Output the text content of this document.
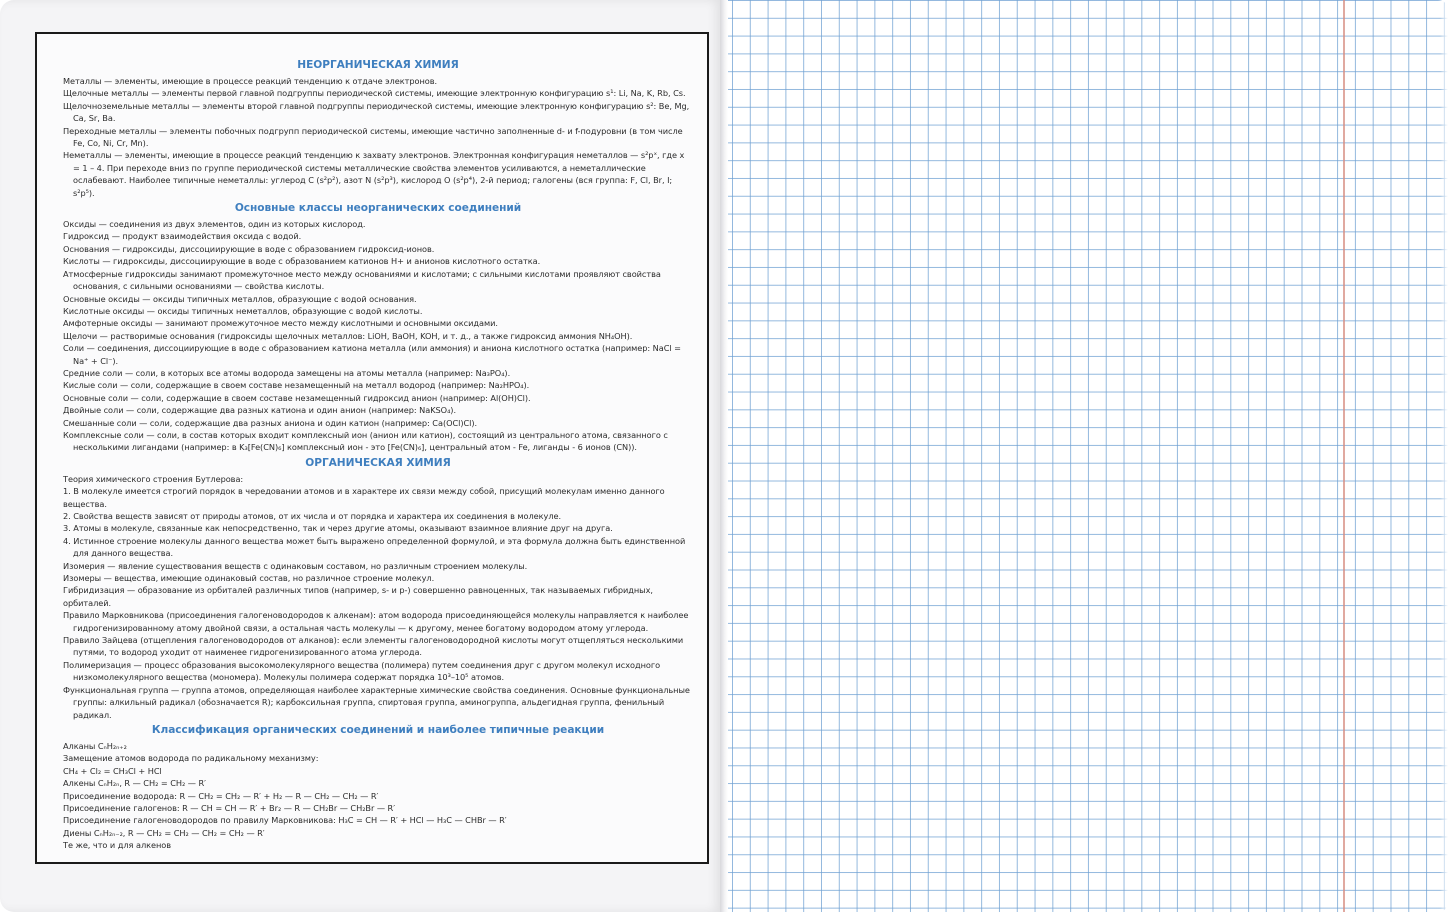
НЕОРГАНИЧЕСКАЯ ХИМИЯ

Металлы — элементы, имеющие в процессе реакций тенденцию к отдаче электронов.

Щелочные металлы — элементы первой главной подгруппы периодической системы, имеющие электронную конфигурацию s¹: Li, Na, K, Rb, Cs.

Щелочноземельные металлы — элементы второй главной подгруппы периодической системы, имеющие электронную конфигурацию s²: Be, Mg, Ca, Sr, Ba.

Переходные металлы — элементы побочных подгрупп периодической системы, имеющие частично заполненные d- и f-подуровни (в том числе Fe, Co, Ni, Cr, Mn).

Неметаллы — элементы, имеющие в процессе реакций тенденцию к захвату электронов. Электронная конфигурация неметаллов — s²pˣ, где x = 1 – 4. При переходе вниз по группе периодической системы металлические свойства элементов усиливаются, а неметаллические ослабевают. Наиболее типичные неметаллы: углерод C (s²p²), азот N (s²p³), кислород O (s²p⁴), 2-й период; галогены (вся группа: F, Cl, Br, I; s²p⁵).

Основные классы неорганических соединений

Оксиды — соединения из двух элементов, один из которых кислород.

Гидроксид — продукт взаимодействия оксида с водой.

Основания — гидроксиды, диссоциирующие в воде с образованием гидроксид-ионов.

Кислоты — гидроксиды, диссоциирующие в воде с образованием катионов H+ и анионов кислотного остатка.

Атмосферные гидроксиды занимают промежуточное место между основаниями и кислотами; с сильными кислотами проявляют свойства основания, с сильными основаниями — свойства кислоты.

Основные оксиды — оксиды типичных металлов, образующие с водой основания.

Кислотные оксиды — оксиды типичных неметаллов, образующие с водой кислоты.

Амфотерные оксиды — занимают промежуточное место между кислотными и основными оксидами.

Щелочи — растворимые основания (гидроксиды щелочных металлов: LiOH, BaOH, KOH, и т. д., а также гидроксид аммония NH₄OH).

Соли — соединения, диссоциирующие в воде с образованием катиона металла (или аммония) и аниона кислотного остатка (например: NaCl = Na⁺ + Cl⁻).

Средние соли — соли, в которых все атомы водорода замещены на атомы металла (например: Na₃PO₄).

Кислые соли — соли, содержащие в своем составе незамещенный на металл водород (например: Na₂HPO₄).

Основные соли — соли, содержащие в своем составе незамещенный гидроксид анион (например: Al(OH)Cl).

Двойные соли — соли, содержащие два разных катиона и один анион (например: NaKSO₄).

Смешанные соли — соли, содержащие два разных аниона и один катион (например: Ca(OCl)Cl).

Комплексные соли — соли, в состав которых входит комплексный ион (анион или катион), состоящий из центрального атома, связанного с несколькими лигандами (например: в K₃[Fe(CN)₆] комплексный ион - это [Fe(CN)₆], центральный атом - Fe, лиганды - 6 ионов (CN)).

ОРГАНИЧЕСКАЯ ХИМИЯ

Теория химического строения Бутлерова:

1. В молекуле имеется строгий порядок в чередовании атомов и в характере их связи между собой, присущий молекулам именно данного вещества.

2. Свойства веществ зависят от природы атомов, от их числа и от порядка и характера их соединения в молекуле.

3. Атомы в молекуле, связанные как непосредственно, так и через другие атомы, оказывают взаимное влияние друг на друга.

4. Истинное строение молекулы данного вещества может быть выражено определенной формулой, и эта формула должна быть единственной для данного вещества.

Изомерия — явление существования веществ с одинаковым составом, но различным строением молекулы.

Изомеры — вещества, имеющие одинаковый состав, но различное строение молекул.

Гибридизация — образование из орбиталей различных типов (например, s- и p-) совершенно равноценных, так называемых гибридных, орбиталей.

Правило Марковникова (присоединения галогеноводородов к алкенам): атом водорода присоединяющейся молекулы направляется к наиболее гидрогенизированному атому двойной связи, а остальная часть молекулы — к другому, менее богатому водородом атому углерода.

Правило Зайцева (отщепления галогеноводородов от алканов): если элементы галогеноводородной кислоты могут отщепляться несколькими путями, то водород уходит от наименее гидрогенизированного атома углерода.

Полимеризация — процесс образования высокомолекулярного вещества (полимера) путем соединения друг с другом молекул исходного низкомолекулярного вещества (мономера). Молекулы полимера содержат порядка 10³–10⁵ атомов.

Функциональная группа — группа атомов, определяющая наиболее характерные химические свойства соединения. Основные функциональные группы: алкильный радикал (обозначается R); карбоксильная группа, спиртовая группа, аминогруппа, альдегидная группа, фенильный радикал.

Классификация органических соединений и наиболее типичные реакции

Алканы CₙH₂ₙ₊₂

Замещение атомов водорода по радикальному механизму:

CH₄ + Cl₂ = CH₃Cl + HCl

Алкены CₙH₂ₙ, R — CH₂ = CH₂ — R′

Присоединение водорода: R — CH₂ = CH₂ — R′ + H₂ — R — CH₂ — CH₂ — R′

Присоединение галогенов: R — CH = CH — R′ + Br₂ — R — CH₂Br — CH₂Br — R′

Присоединение галогеноводородов по правилу Марковникова: H₃C = CH — R′ + HCl — H₃C — CHBr — R′

Диены CₙH₂ₙ₋₂, R — CH₂ = CH₂ — CH₂ = CH₂ — R′

Те же, что и для алкенов
